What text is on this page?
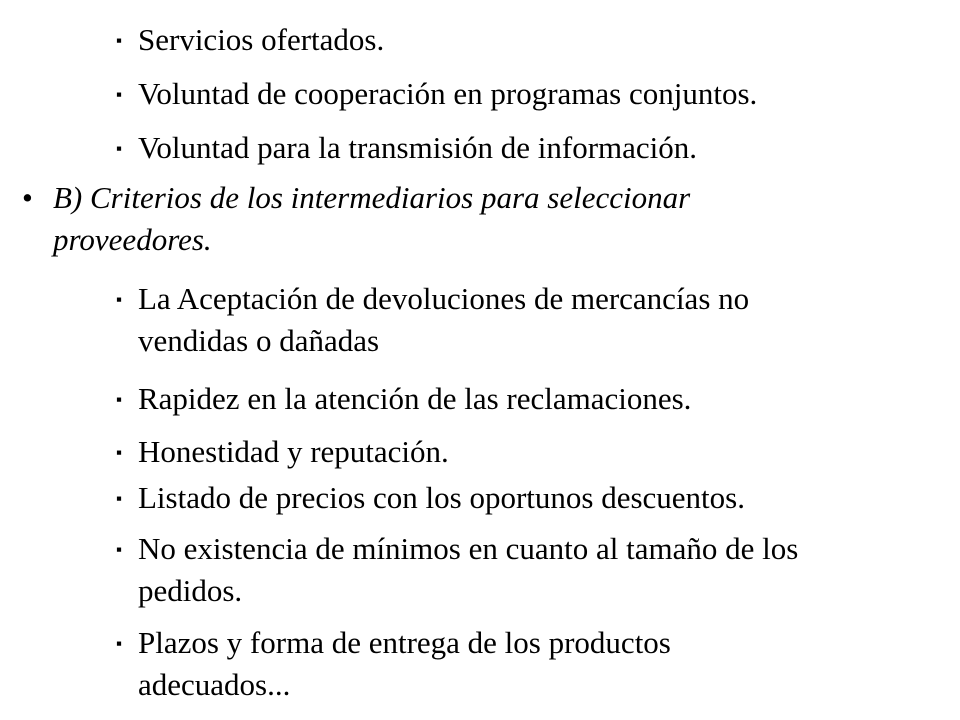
▪ Servicios ofertados.
▪ Voluntad de cooperación en programas conjuntos.
▪ Voluntad para la transmisión de información.
• B) Criterios de los intermediarios para seleccionar
proveedores.
▪ La Aceptación de devoluciones de mercancías no
vendidas o dañadas
▪ Rapidez en la atención de las reclamaciones.
▪ Honestidad y reputación.
▪ Listado de precios con los oportunos descuentos.
▪ No existencia de mínimos en cuanto al tamaño de los
pedidos.
▪ Plazos y forma de entrega de los productos
adecuados...
